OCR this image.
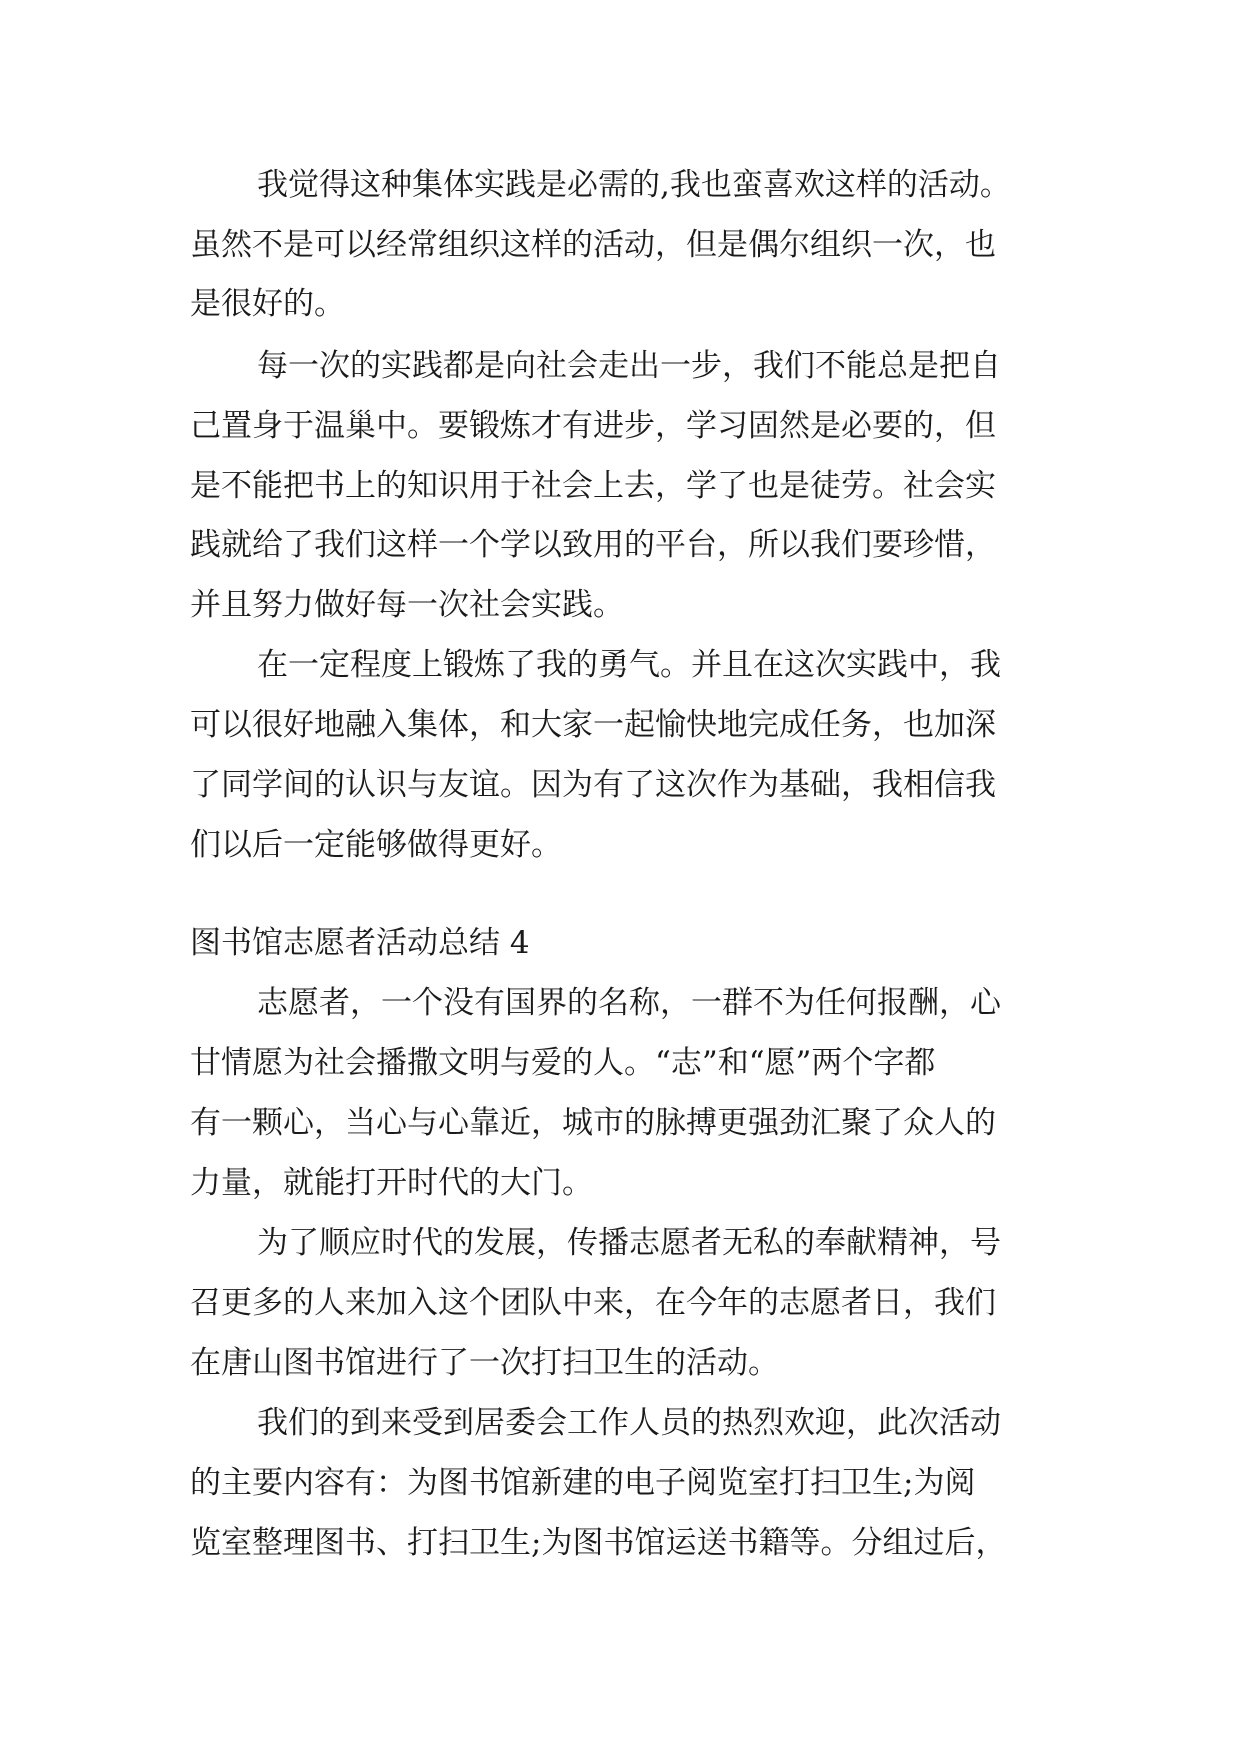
我觉得这种集体实践是必需的,我也蛮喜欢这样的活动。
虽然不是可以经常组织这样的活动，但是偶尔组织一次，也
是很好的。
每一次的实践都是向社会走出一步，我们不能总是把自
己置身于温巢中。要锻炼才有进步，学习固然是必要的，但
是不能把书上的知识用于社会上去，学了也是徒劳。社会实
践就给了我们这样一个学以致用的平台，所以我们要珍惜，
并且努力做好每一次社会实践。
在一定程度上锻炼了我的勇气。并且在这次实践中，我
可以很好地融入集体，和大家一起愉快地完成任务，也加深
了同学间的认识与友谊。因为有了这次作为基础，我相信我
们以后一定能够做得更好。
图书馆志愿者活动总结 4
志愿者，一个没有国界的名称，一群不为任何报酬，心
甘情愿为社会播撒文明与爱的人。“志”和“愿”两个字都
有一颗心，当心与心靠近，城市的脉搏更强劲汇聚了众人的
力量，就能打开时代的大门。
为了顺应时代的发展，传播志愿者无私的奉献精神，号
召更多的人来加入这个团队中来，在今年的志愿者日，我们
在唐山图书馆进行了一次打扫卫生的活动。
我们的到来受到居委会工作人员的热烈欢迎，此次活动
的主要内容有：为图书馆新建的电子阅览室打扫卫生;为阅
览室整理图书、打扫卫生;为图书馆运送书籍等。分组过后，
